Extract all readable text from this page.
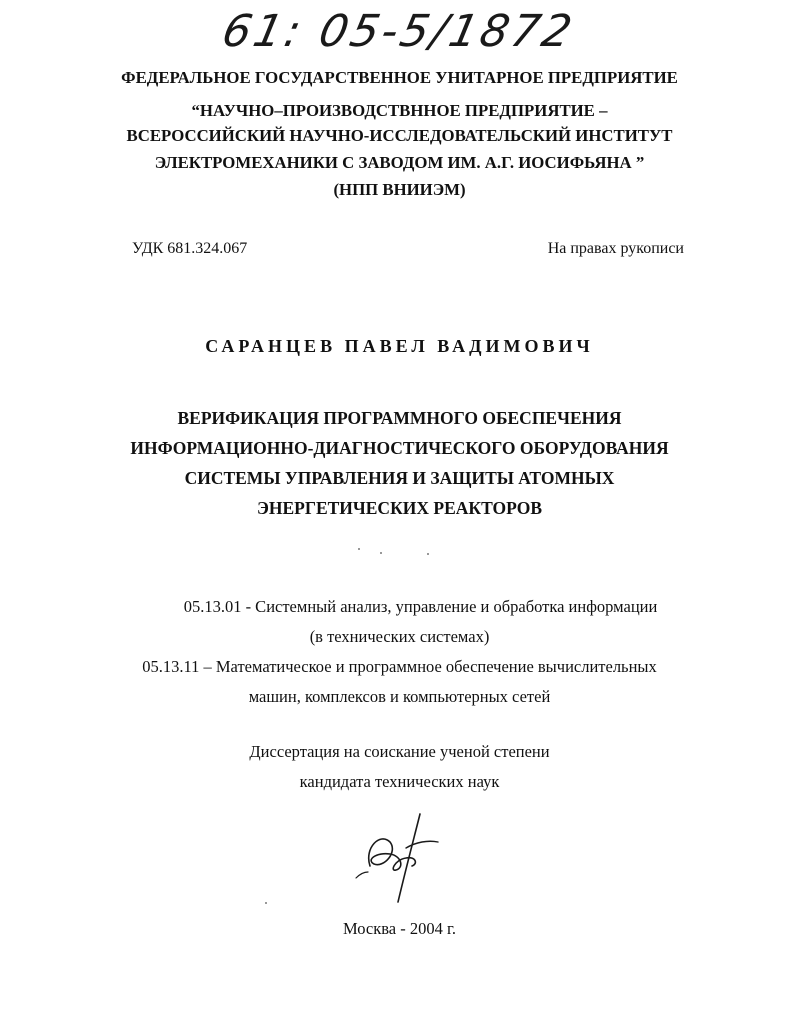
61: 05-5/1872
ФЕДЕРАЛЬНОЕ ГОСУДАРСТВЕННОЕ УНИТАРНОЕ ПРЕДПРИЯТИЕ
“НАУЧНО–ПРОИЗВОДСТВННОЕ ПРЕДПРИЯТИЕ –
ВСЕРОССИЙСКИЙ НАУЧНО-ИССЛЕДОВАТЕЛЬСКИЙ ИНСТИТУТ
ЭЛЕКТРОМЕХАНИКИ С ЗАВОДОМ ИМ. А.Г. ИОСИФЬЯНА ”
(НПП ВНИИЭМ)
УДК 681.324.067	На правах рукописи
САРАНЦЕВ ПАВЕЛ ВАДИМОВИЧ
ВЕРИФИКАЦИЯ ПРОГРАММНОГО ОБЕСПЕЧЕНИЯ
ИНФОРМАЦИОННО-ДИАГНОСТИЧЕСКОГО ОБОРУДОВАНИЯ
СИСТЕМЫ УПРАВЛЕНИЯ И ЗАЩИТЫ АТОМНЫХ
ЭНЕРГЕТИЧЕСКИХ РЕАКТОРОВ
05.13.01 - Системный анализ, управление и обработка информации
(в технических системах)
05.13.11 – Математическое и программное обеспечение вычислительных
машин, комплексов и компьютерных сетей
Диссертация на соискание ученой степени
кандидата технических наук
Москва - 2004 г.
